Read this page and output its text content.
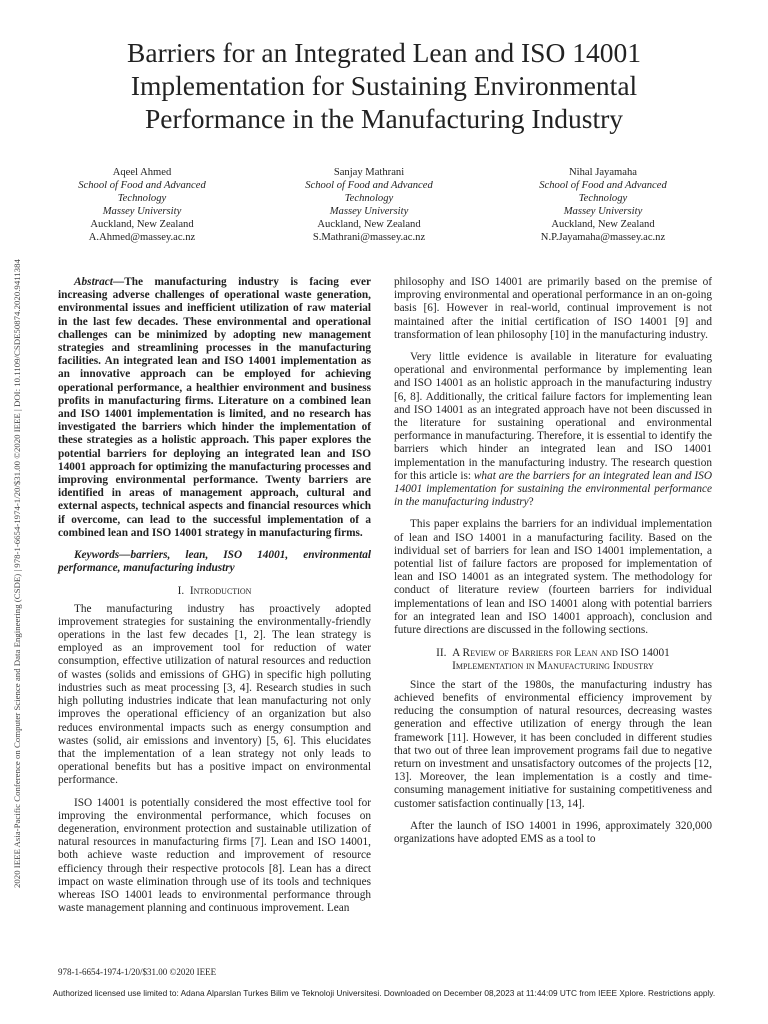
2020 IEEE Asia-Pacific Conference on Computer Science and Data Engineering (CSDE) | 978-1-6654-1974-1/20/$31.00 ©2020 IEEE | DOI: 10.1109/CSDE50874.2020.9411384
Barriers for an Integrated Lean and ISO 14001
Implementation for Sustaining Environmental
Performance in the Manufacturing Industry
Aqeel Ahmed
School of Food and Advanced
Technology
Massey University
Auckland, New Zealand
A.Ahmed@massey.ac.nz
Sanjay Mathrani
School of Food and Advanced
Technology
Massey University
Auckland, New Zealand
S.Mathrani@massey.ac.nz
Nihal Jayamaha
School of Food and Advanced
Technology
Massey University
Auckland, New Zealand
N.P.Jayamaha@massey.ac.nz

Abstract—The manufacturing industry is facing ever increasing adverse challenges of operational waste generation, environmental issues and inefficient utilization of raw material in the last few decades. These environmental and operational challenges can be minimized by adopting new management strategies and streamlining processes in the manufacturing facilities. An integrated lean and ISO 14001 implementation as an innovative approach can be employed for achieving operational performance, a healthier environment and business profits in manufacturing firms. Literature on a combined lean and ISO 14001 implementation is limited, and no research has investigated the barriers which hinder the implementation of these strategies as a holistic approach. This paper explores the potential barriers for deploying an integrated lean and ISO 14001 approach for optimizing the manufacturing processes and improving environmental performance. Twenty barriers are identified in areas of management approach, cultural and external aspects, technical aspects and financial resources which if overcome, can lead to the successful implementation of a combined lean and ISO 14001 strategy in manufacturing firms.

Keywords—barriers, lean, ISO 14001, environmental performance, manufacturing industry

I. Introduction

The manufacturing industry has proactively adopted improvement strategies for sustaining the environmentally-friendly operations in the last few decades [1, 2]. The lean strategy is employed as an improvement tool for reduction of water consumption, effective utilization of natural resources and reduction of wastes (solids and emissions of GHG) in specific high polluting industries such as meat processing [3, 4]. Research studies in such high polluting industries indicate that lean manufacturing not only improves the operational efficiency of an organization but also reduces environmental impacts such as energy consumption and wastes (solid, air emissions and inventory) [5, 6]. This elucidates that the implementation of a lean strategy not only leads to operational benefits but has a positive impact on environmental performance.

ISO 14001 is potentially considered the most effective tool for improving the environmental performance, which focuses on degeneration, environment protection and sustainable utilization of natural resources in manufacturing firms [7]. Lean and ISO 14001, both achieve waste reduction and improvement of resource efficiency through their respective protocols [8]. Lean has a direct impact on waste elimination through use of its tools and techniques whereas ISO 14001 leads to environmental performance through waste management planning and continuous improvement. Lean

philosophy and ISO 14001 are primarily based on the premise of improving environmental and operational performance in an on-going basis [6]. However in real-world, continual improvement is not maintained after the initial certification of ISO 14001 [9] and transformation of lean philosophy [10] in the manufacturing industry.

Very little evidence is available in literature for evaluating operational and environmental performance by implementing lean and ISO 14001 as an holistic approach in the manufacturing industry [6, 8]. Additionally, the critical failure factors for implementing lean and ISO 14001 as an integrated approach have not been discussed in the literature for sustaining operational and environmental performance in manufacturing. Therefore, it is essential to identify the barriers which hinder an integrated lean and ISO 14001 implementation in the manufacturing industry. The research question for this article is: what are the barriers for an integrated lean and ISO 14001 implementation for sustaining the environmental performance in the manufacturing industry?

This paper explains the barriers for an individual implementation of lean and ISO 14001 in a manufacturing facility. Based on the individual set of barriers for lean and ISO 14001 implementation, a potential list of failure factors are proposed for implementation of lean and ISO 14001 as an integrated system. The methodology for conduct of literature review (fourteen barriers for individual implementations of lean and ISO 14001 along with potential barriers for an integrated lean and ISO 14001 approach), conclusion and future directions are discussed in the following sections.

II. A Review of Barriers for Lean and ISO 14001
Implementation in Manufacturing Industry

Since the start of the 1980s, the manufacturing industry has achieved benefits of environmental efficiency improvement by reducing the consumption of natural resources, decreasing wastes generation and effective utilization of energy through the lean framework [11]. However, it has been concluded in different studies that two out of three lean improvement programs fail due to negative return on investment and unsatisfactory outcomes of the projects [12, 13]. Moreover, the lean implementation is a costly and time-consuming management initiative for sustaining competitiveness and customer satisfaction continually [13, 14].

After the launch of ISO 14001 in 1996, approximately 320,000 organizations have adopted EMS as a tool to

978-1-6654-1974-1/20/$31.00 ©2020 IEEE
Authorized licensed use limited to: Adana Alparslan Turkes Bilim ve Teknoloji Universitesi. Downloaded on December 08,2023 at 11:44:09 UTC from IEEE Xplore. Restrictions apply.
